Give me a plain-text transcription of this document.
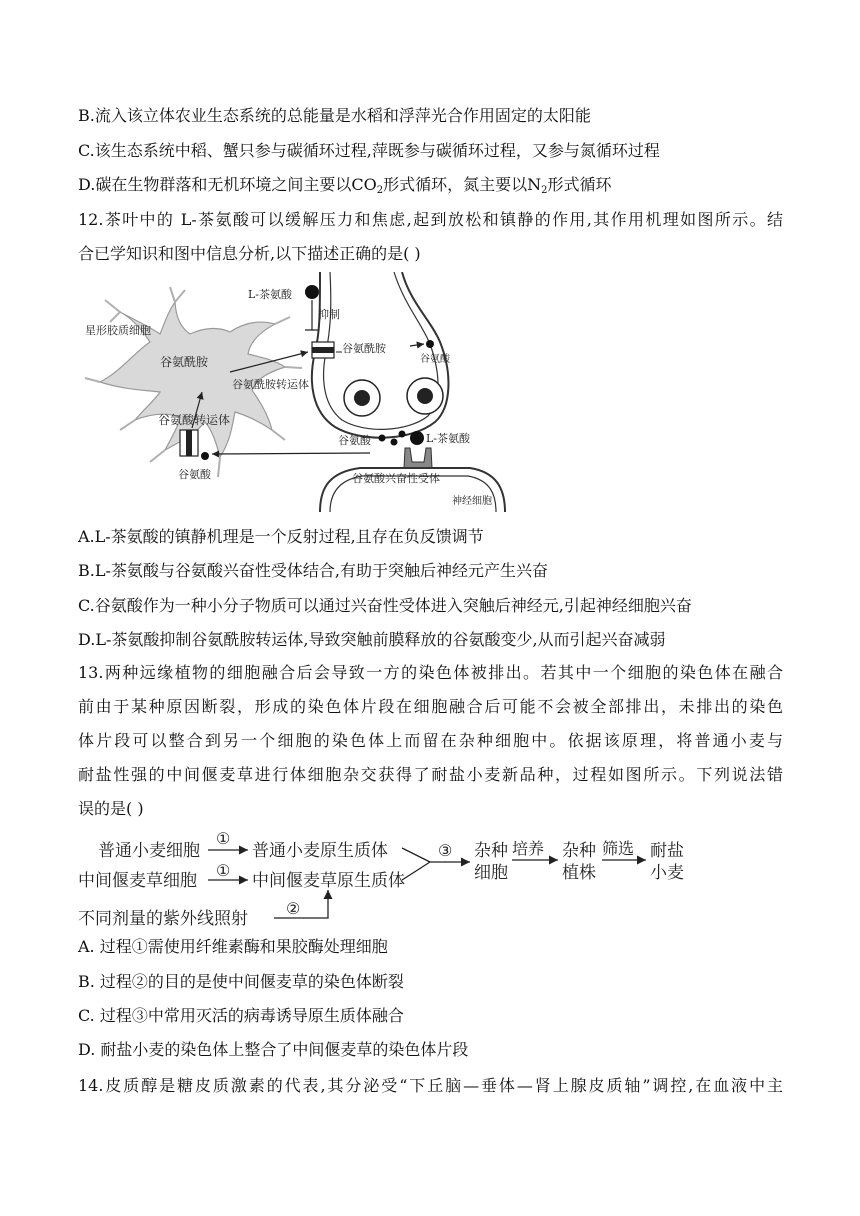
B.流入该立体农业生态系统的总能量是水稻和浮萍光合作用固定的太阳能
C.该生态系统中稻、蟹只参与碳循环过程,萍既参与碳循环过程，又参与氮循环过程
D.碳在生物群落和无机环境之间主要以$CO_2$形式循环，氮主要以$N_2$形式循环
12.茶叶中的 L-茶氨酸可以缓解压力和焦虑,起到放松和镇静的作用,其作用机理如图所示。结
合已学知识和图中信息分析,以下描述正确的是( )
星形胶质细胞
谷氨酰胺
谷氨酸转运体
谷氨酸
谷氨酰胺转运体
L-茶氨酸
抑制
谷氨酰胺
谷氨酸
谷氨酸	L-茶氨酸
谷氨酸兴奋性受体
神经细胞
A.L-茶氨酸的镇静机理是一个反射过程,且存在负反馈调节
B.L-茶氨酸与谷氨酸兴奋性受体结合,有助于突触后神经元产生兴奋
C.谷氨酸作为一种小分子物质可以通过兴奋性受体进入突触后神经元,引起神经细胞兴奋
D.L-茶氨酸抑制谷氨酰胺转运体,导致突触前膜释放的谷氨酸变少,从而引起兴奋减弱
13.两种远缘植物的细胞融合后会导致一方的染色体被排出。若其中一个细胞的染色体在融合
前由于某种原因断裂，形成的染色体片段在细胞融合后可能不会被全部排出，未排出的染色
体片段可以整合到另一个细胞的染色体上而留在杂种细胞中。依据该原理，将普通小麦与
耐盐性强的中间偃麦草进行体细胞杂交获得了耐盐小麦新品种，过程如图所示。下列说法错
误的是( )
普通小麦细胞
中间偃麦草细胞
普通小麦原生质体
中间偃麦草原生质体
不同剂量的紫外线照射
杂种
细胞
杂种
植株
耐盐
小麦
①
①
②
③	培养	筛选
A. 过程①需使用纤维素酶和果胶酶处理细胞
B. 过程②的目的是使中间偃麦草的染色体断裂
C. 过程③中常用灭活的病毒诱导原生质体融合
D. 耐盐小麦的染色体上整合了中间偃麦草的染色体片段
14.皮质醇是糖皮质激素的代表,其分泌受“下丘脑—垂体—肾上腺皮质轴”调控,在血液中主
